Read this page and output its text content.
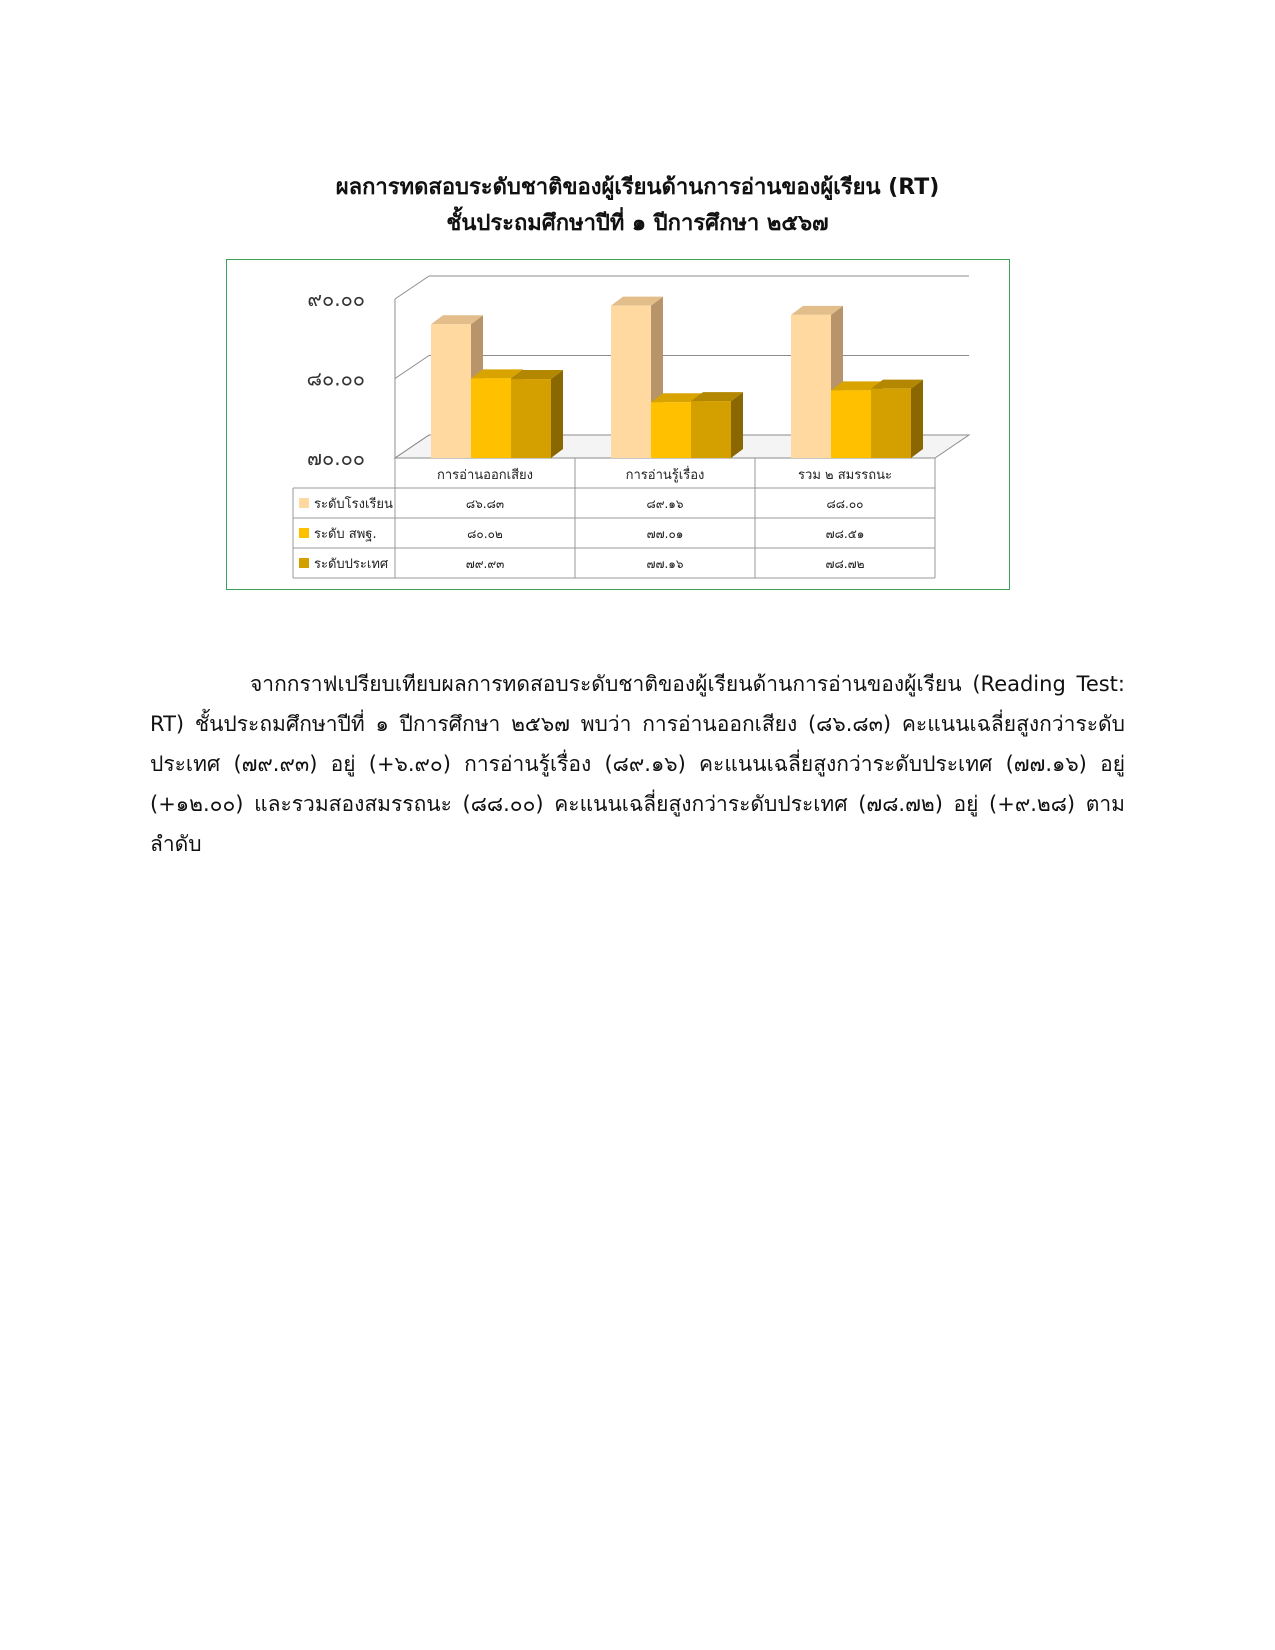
ผลการทดสอบระดับชาติของผู้เรียนด้านการอ่านของผู้เรียน (RT)
ชั้นประถมศึกษาปีที่ ๑ ปีการศึกษา ๒๕๖๗
๗๐.๐๐
๘๐.๐๐
๙๐.๐๐
การอ่านออกเสียง	การอ่านรู้เรื่อง	รวม ๒ สมรรถนะ
ระดับโรงเรียน	๘๖.๘๓	๘๙.๑๖	๘๘.๐๐
ระดับ สพฐ.	๘๐.๐๒	๗๗.๐๑	๗๘.๕๑
ระดับประเทศ	๗๙.๙๓	๗๗.๑๖	๗๘.๗๒
จากกราฟเปรียบเทียบผลการทดสอบระดับชาติของผู้เรียนด้านการอ่านของผู้เรียน (Reading Test: RT) ชั้นประถมศึกษาปีที่ ๑ ปีการศึกษา ๒๕๖๗ พบว่า การอ่านออกเสียง (๘๖.๘๓) คะแนนเฉลี่ยสูงกว่าระดับประเทศ (๗๙.๙๓) อยู่ (+๖.๙๐) การอ่านรู้เรื่อง (๘๙.๑๖) คะแนนเฉลี่ยสูงกว่าระดับประเทศ (๗๗.๑๖) อยู่ (+๑๒.๐๐) และรวมสองสมรรถนะ (๘๘.๐๐) คะแนนเฉลี่ยสูงกว่าระดับประเทศ (๗๘.๗๒) อยู่ (+๙.๒๘) ตามลำดับ
